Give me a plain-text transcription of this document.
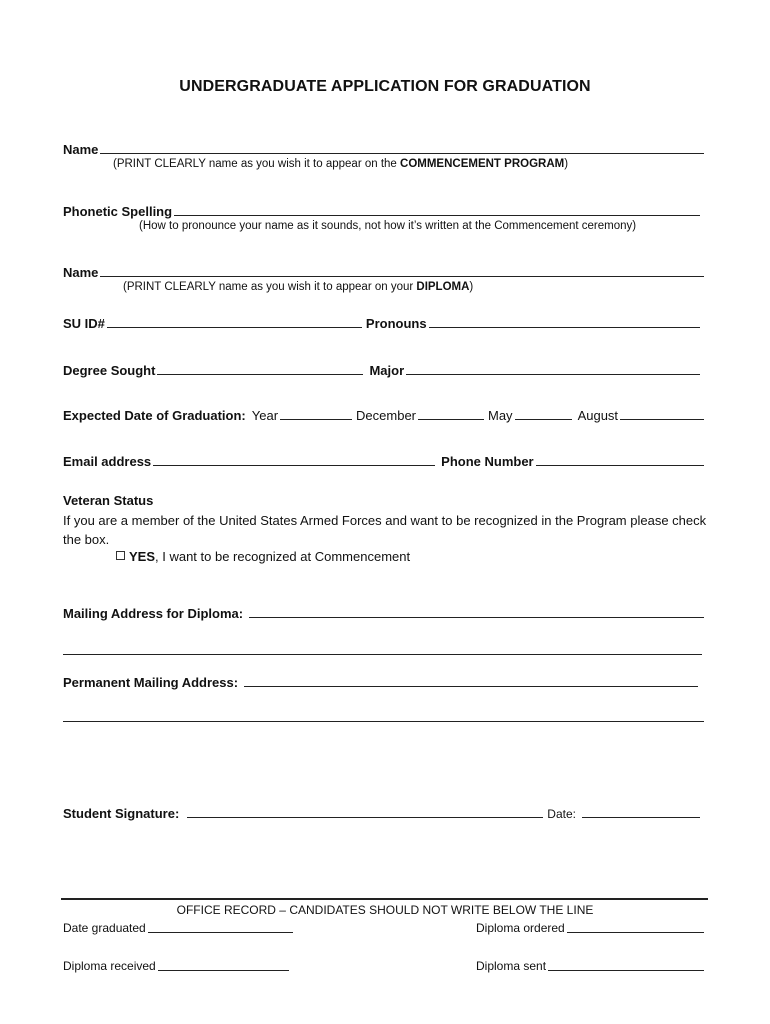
UNDERGRADUATE APPLICATION FOR GRADUATION
Name
(PRINT CLEARLY name as you wish it to appear on the COMMENCEMENT PROGRAM)
Phonetic Spelling
(How to pronounce your name as it sounds, not how it’s written at the Commencement ceremony)
Name
(PRINT CLEARLY name as you wish it to appear on your DIPLOMA)
SU ID#	Pronouns
Degree Sought	Major
Expected Date of Graduation: Year	December	May	August
Email address	Phone Number
Veteran Status
If you are a member of the United States Armed Forces and want to be recognized in the Program please check the box.
YES, I want to be recognized at Commencement
Mailing Address for Diploma:
Permanent Mailing Address:
Student Signature:	Date:
OFFICE RECORD – CANDIDATES SHOULD NOT WRITE BELOW THE LINE
Date graduated	Diploma ordered
Diploma received	Diploma sent
